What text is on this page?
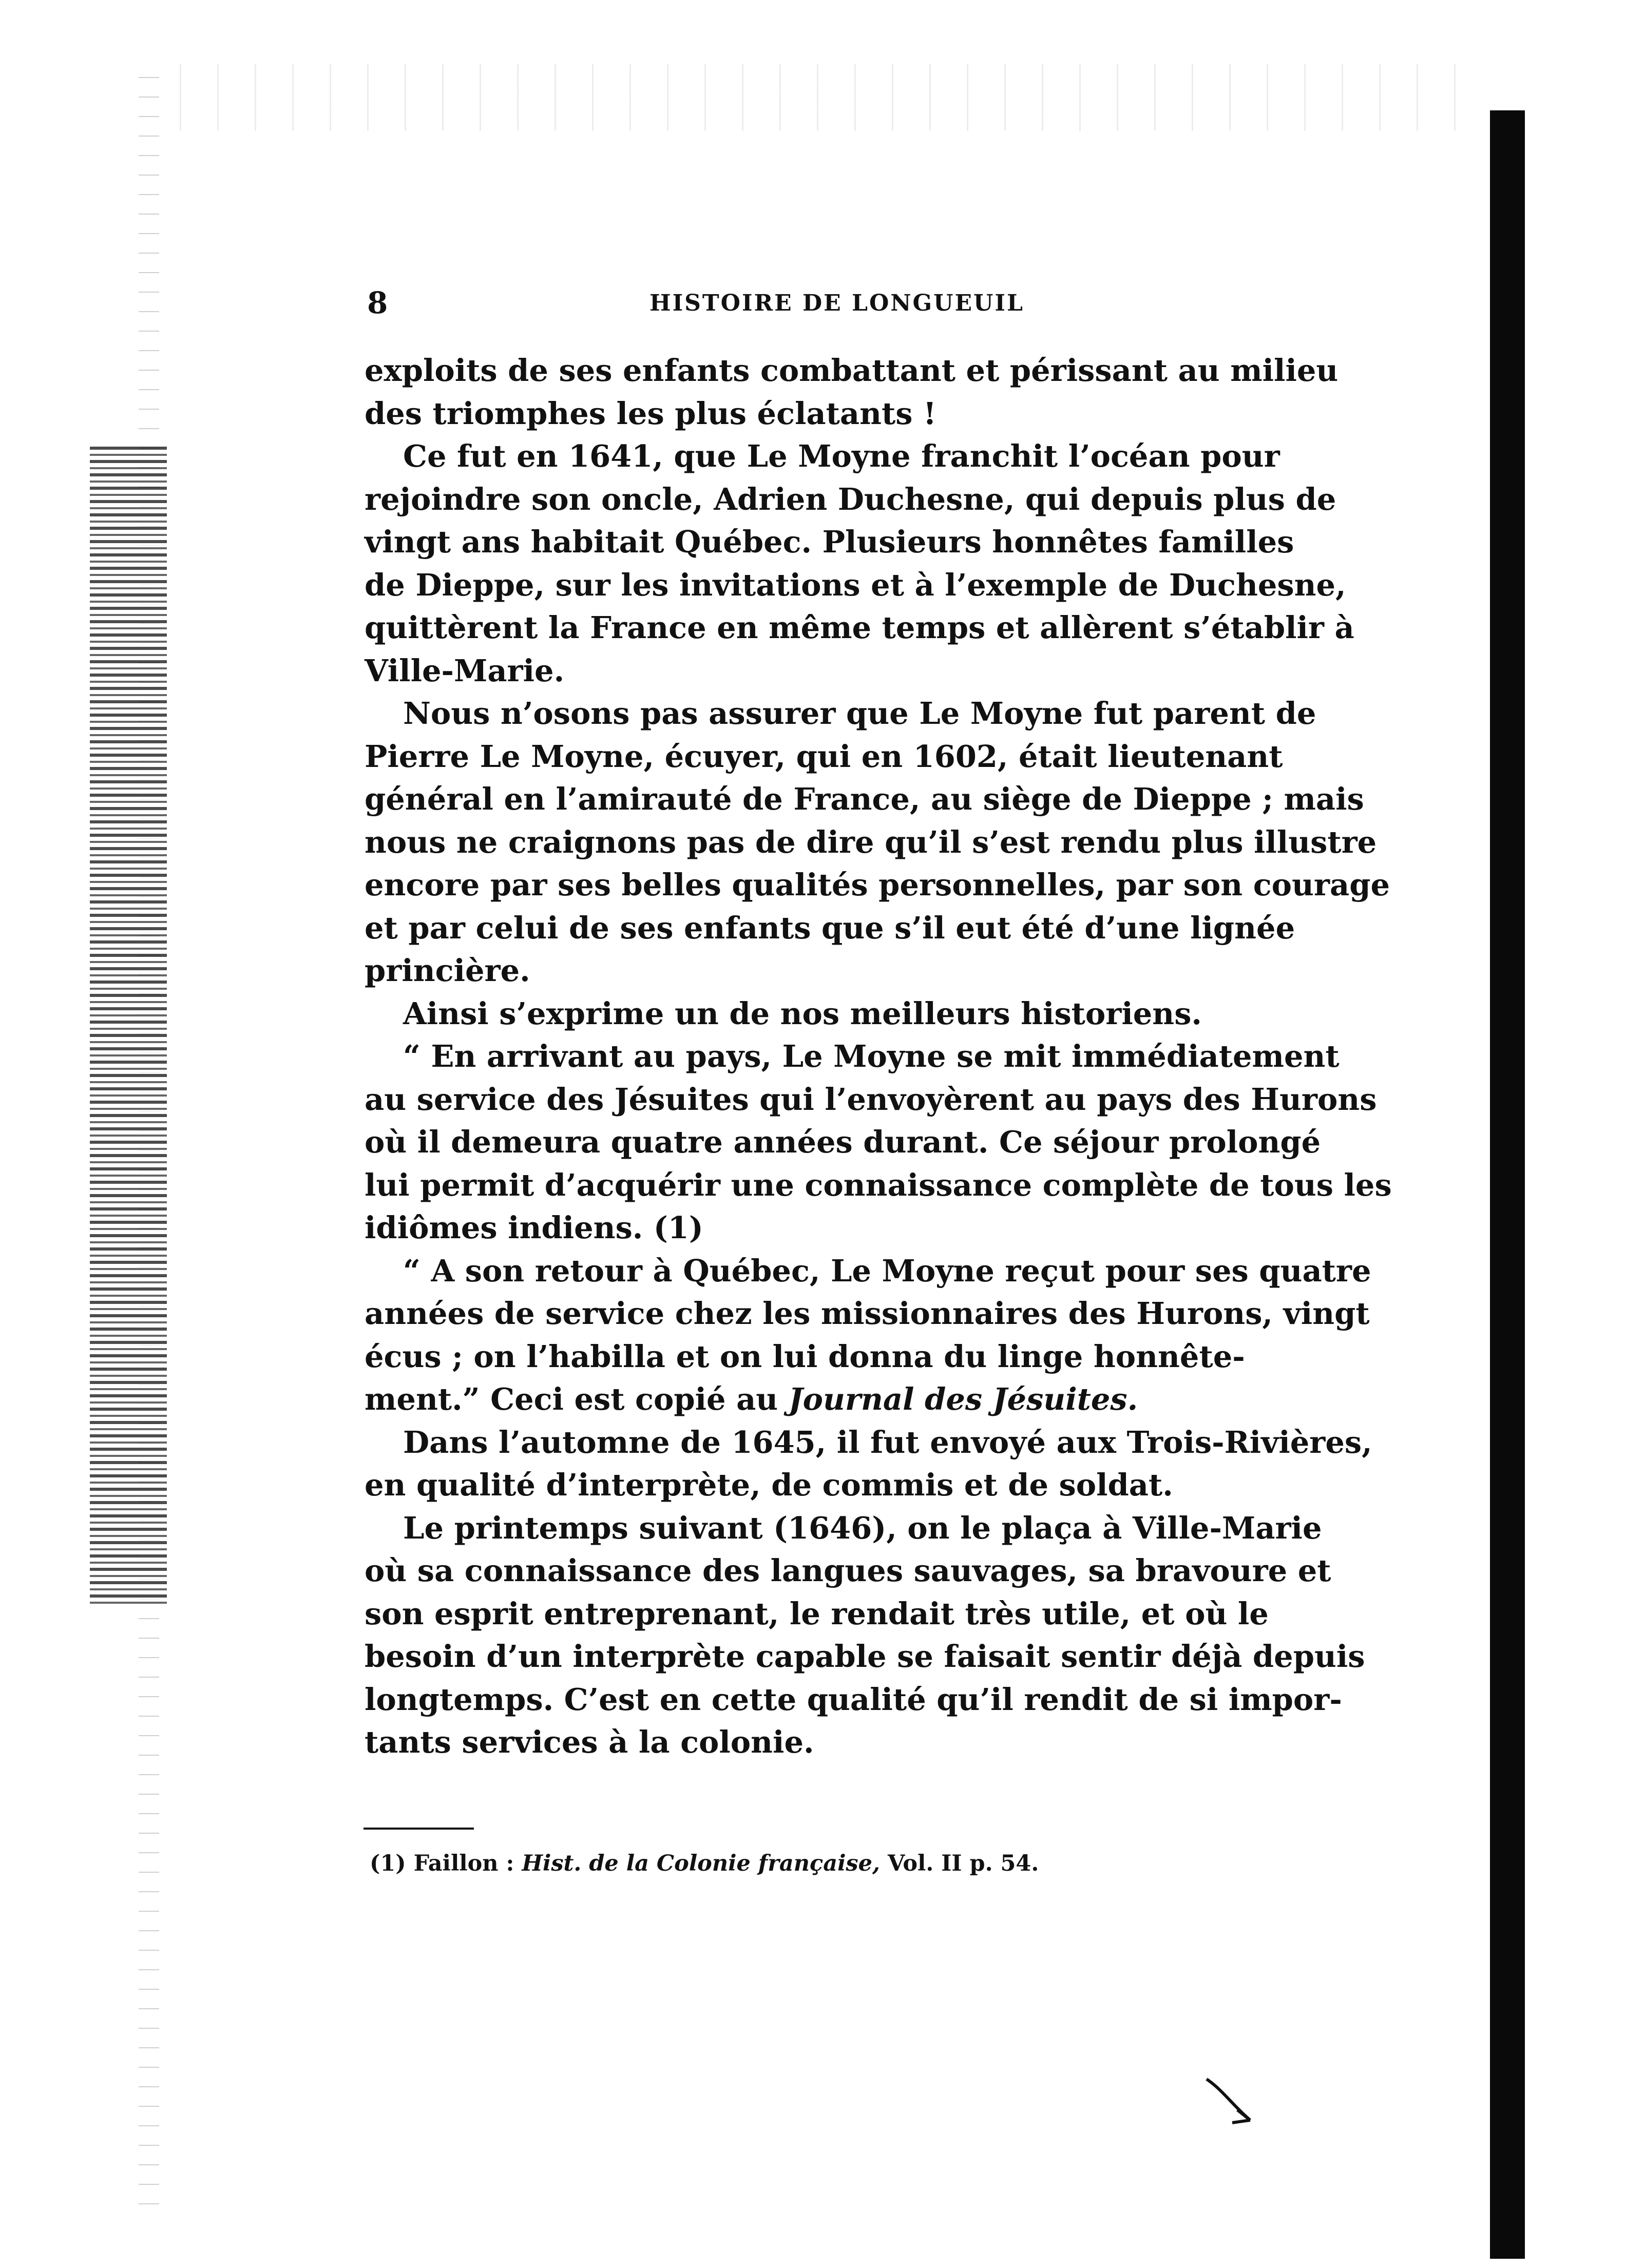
8	HISTOIRE DE LONGUEUIL
exploits de ses enfants combattant et périssant au milieu
des triomphes les plus éclatants !
Ce fut en 1641, que Le Moyne franchit l’océan pour
rejoindre son oncle, Adrien Duchesne, qui depuis plus de
vingt ans habitait Québec. Plusieurs honnêtes familles
de Dieppe, sur les invitations et à l’exemple de Duchesne,
quittèrent la France en même temps et allèrent s’établir à
Ville-Marie.
Nous n’osons pas assurer que Le Moyne fut parent de
Pierre Le Moyne, écuyer, qui en 1602, était lieutenant
général en l’amirauté de France, au siège de Dieppe ; mais
nous ne craignons pas de dire qu’il s’est rendu plus illustre
encore par ses belles qualités personnelles, par son courage
et par celui de ses enfants que s’il eut été d’une lignée
princière.
Ainsi s’exprime un de nos meilleurs historiens.
“ En arrivant au pays, Le Moyne se mit immédiatement
au service des Jésuites qui l’envoyèrent au pays des Hurons
où il demeura quatre années durant. Ce séjour prolongé
lui permit d’acquérir une connaissance complète de tous les
idiômes indiens. (1)
“ A son retour à Québec, Le Moyne reçut pour ses quatre
années de service chez les missionnaires des Hurons, vingt
écus ; on l’habilla et on lui donna du linge honnête-
ment.” Ceci est copié au Journal des Jésuites.
Dans l’automne de 1645, il fut envoyé aux Trois-Rivières,
en qualité d’interprète, de commis et de soldat.
Le printemps suivant (1646), on le plaça à Ville-Marie
où sa connaissance des langues sauvages, sa bravoure et
son esprit entreprenant, le rendait très utile, et où le
besoin d’un interprète capable se faisait sentir déjà depuis
longtemps. C’est en cette qualité qu’il rendit de si impor-
tants services à la colonie.
(1) Faillon : Hist. de la Colonie française, Vol. II p. 54.
